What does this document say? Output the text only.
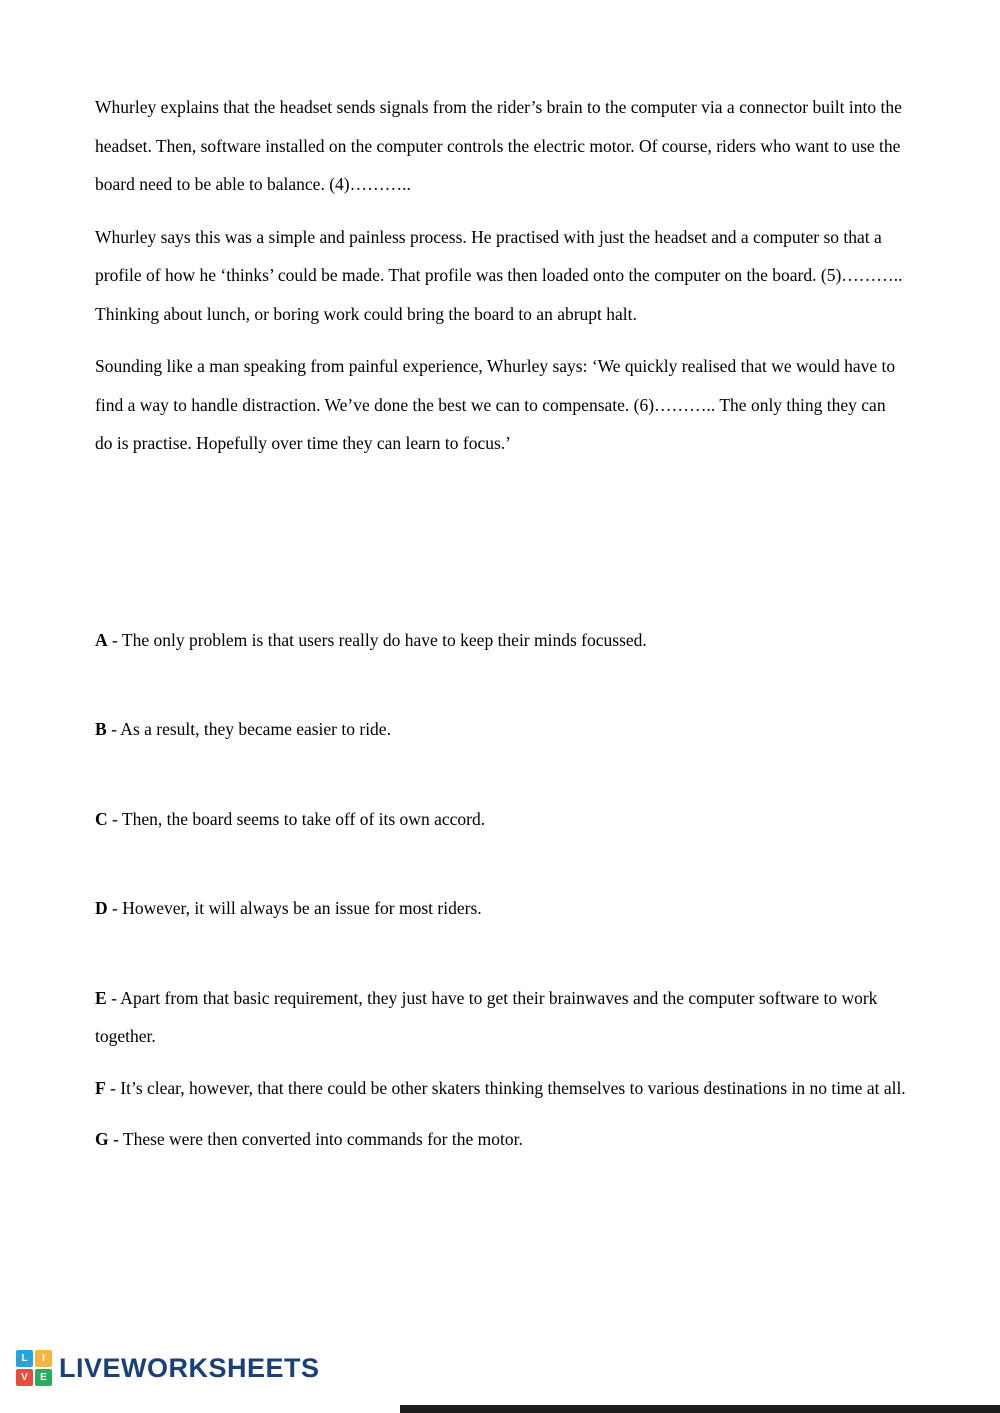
Whurley explains that the headset sends signals from the rider’s brain to the computer via a connector built into the headset. Then, software installed on the computer controls the electric motor. Of course, riders who want to use the board need to be able to balance. (4)………..

Whurley says this was a simple and painless process. He practised with just the headset and a computer so that a profile of how he ‘thinks’ could be made. That profile was then loaded onto the computer on the board. (5)……….. Thinking about lunch, or boring work could bring the board to an abrupt halt.

Sounding like a man speaking from painful experience, Whurley says: ‘We quickly realised that we would have to find a way to handle distraction. We’ve done the best we can to compensate. (6)……….. The only thing they can do is practise. Hopefully over time they can learn to focus.’

A - The only problem is that users really do have to keep their minds focussed.

B - As a result, they became easier to ride.

C - Then, the board seems to take off of its own accord.

D - However, it will always be an issue for most riders.

E - Apart from that basic requirement, they just have to get their brainwaves and the computer software to work together.

F - It’s clear, however, that there could be other skaters thinking themselves to various destinations in no time at all.

G - These were then converted into commands for the motor.

L	I
V	E LIVEWORKSHEETS
